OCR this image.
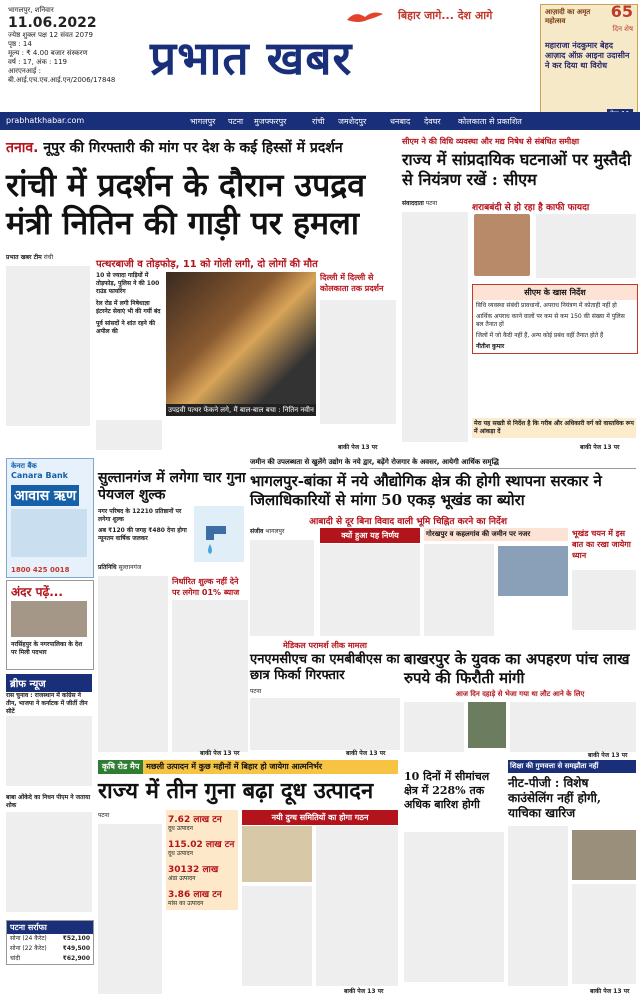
भागलपुर, शनिवार
11.06.2022
ज्येष्ठ शुक्ल पक्ष 12 संवत 2079
पृष्ठ : 14
मूल्य : ₹ 4.00 बजार संस्करण
वर्ष : 17, अंक : 119
आरएनआई : बी.आई.एच.एच.आई.एन/2006/17848
बिहार जागे... देश आगे
प्रभात खबर
आज़ादी का अमृत महोत्सव	65
दिन शेष
महाराजा नंदकुमार बेहद
आज़ाद ऑफ़ आइना उदासीन
ने कर दिया था विरोध
prabhatkhabar.com	भागलपुर पटना मुजफ्फरपुर	रांची जमशेदपुर	धनबाद देवघर कोलकाता से प्रकाशित
तनाव. नूपुर की गिरफ्तारी की मांग पर देश के कई हिस्सों में प्रदर्शन
रांची में प्रदर्शन के दौरान उपद्रव मंत्री नितिन की गाड़ी पर हमला
प्रभात खबर टीम रांची
पत्थरबाजी व तोड़फोड़, 11 को गोली लगी, दो लोगों की मौत
10 से ज्यादा गाड़ियों में तोड़फोड़, पुलिस ने की 100 राउंड फायरिंग
रेल रोड में लगी निषेधाज्ञा इंटरनेट सेवाएं भी की गयीं बंद
पूर्व सांसदों ने शांत रहने की अपील की
उपद्रवी पत्थर फेंकने लगे, मैं बाल-बाल बचा : नितिन नवीन
दिल्ली में दिल्ली से कोलकाता तक प्रदर्शन
बाकी पेज 13 पर
सीएम ने की विधि व्यवस्था और मद्य निषेध से संबंधित समीक्षा
राज्य में सांप्रदायिक घटनाओं पर मुस्तैदी से नियंत्रण रखें : सीएम
संवाददाता पटना	शराबबंदी से हो रहा है काफी फायदा
सीएम के खास निर्देश
विधि व्यवस्था संबंधी प्रावधानों, अपराध नियंत्रण में कोताही नहीं हो
आर्थिक अपराध करने वालों पर कम से कम 150 की संख्या में पुलिस बल तैनात हों
जिलों में जो कैदी नहीं हैं, अन्य कोई प्रबंध वहीं तैनात होते हैं
नीतीश कुमार
मेरा यह सख्ती से निर्देश है कि गरीब और अधिकारी वर्ग को वास्तविक रूप में आंकड़ा दें
बाकी पेज 13 पर
जमीन की उपलब्धता से खुलेंगे उद्योग के नये द्वार, बढ़ेंगे रोजगार के अवसर, आयेगी आर्थिक समृद्धि
केनरा बैंक
Canara Bank
आवास ऋण
1800 425 0018
सुल्तानगंज में लगेगा चार गुना पेयजल शुल्क
नगर परिषद के 12210 प्रतिष्ठानों पर लगेगा शुल्क
अब ₹120 की जगह ₹480 देना होगा न्यूनतम वार्षिक जलकर
प्रतिनिधि सुल्तानगंज
भागलपुर-बांका में नये औद्योगिक क्षेत्र की होगी स्थापना सरकार ने जिलाधिकारियों से मांगा 50 एकड़ भूखंड का ब्योरा
आबादी से दूर बिना विवाद वाली भूमि चिह्नित करने का निर्देश
संजीव भागलपुर	क्यों हुआ यह निर्णय	गोरखपुर व कहलगांव की जमीन पर नजर	भूखंड चयन में इस बात का रखा जायेगा ध्यान
अंदर पढ़ें...
नरसिंहपुर के नगरपालिका के देश पर मिली पदभार
निर्धारित शुल्क नहीं देने पर लगेगा 01% ब्याज
बाकी पेज 13 पर
मेडिकल परामर्श लीक मामला
एनएमसीएच का एमबीबीएस का छात्र फिर्का गिरफ्तार
पटना
बाकी पेज 13 पर
बाखरपुर के युवक का अपहरण पांच लाख रुपये की फिरौती मांगी
आज दिन दहाड़े से भेजा गया था लौट आने के लिए
बाकी पेज 13 पर
ब्रीफ न्यूज
रास चुनाव : राजस्थान में कांग्रेस ने तीन, भाजपा ने कर्नाटक में जीतीं तीन सीटें
बाबा ओंकेदे का निधन पीएम ने जताया शोक
पटना सर्राफा
सोना (24 कैरेट)	₹52,100
सोना (22 कैरेट)	₹49,500
चांदी	₹62,900
कृषि रोड मैप मछली उत्पादन में कुछ महीनों में बिहार हो जायेगा आत्मनिर्भर
राज्य में तीन गुना बढ़ा दूध उत्पादन
पटना	7.62 लाख टन
दूध उत्पादन
115.02 लाख टन
दूध उत्पादन
30132 लाख
अंडा उत्पादन
3.86 लाख टन
मांस का उत्पादन
नयी दुग्ध समितियों का होगा गठन
बाकी पेज 13 पर
10 दिनों में सीमांचल क्षेत्र में 228% तक अधिक बारिश होगी
शिक्षा की गुणवत्ता से समझौता नहीं
नीट-पीजी : विशेष काउंसेलिंग नहीं होगी, याचिका खारिज
बाकी पेज 13 पर
